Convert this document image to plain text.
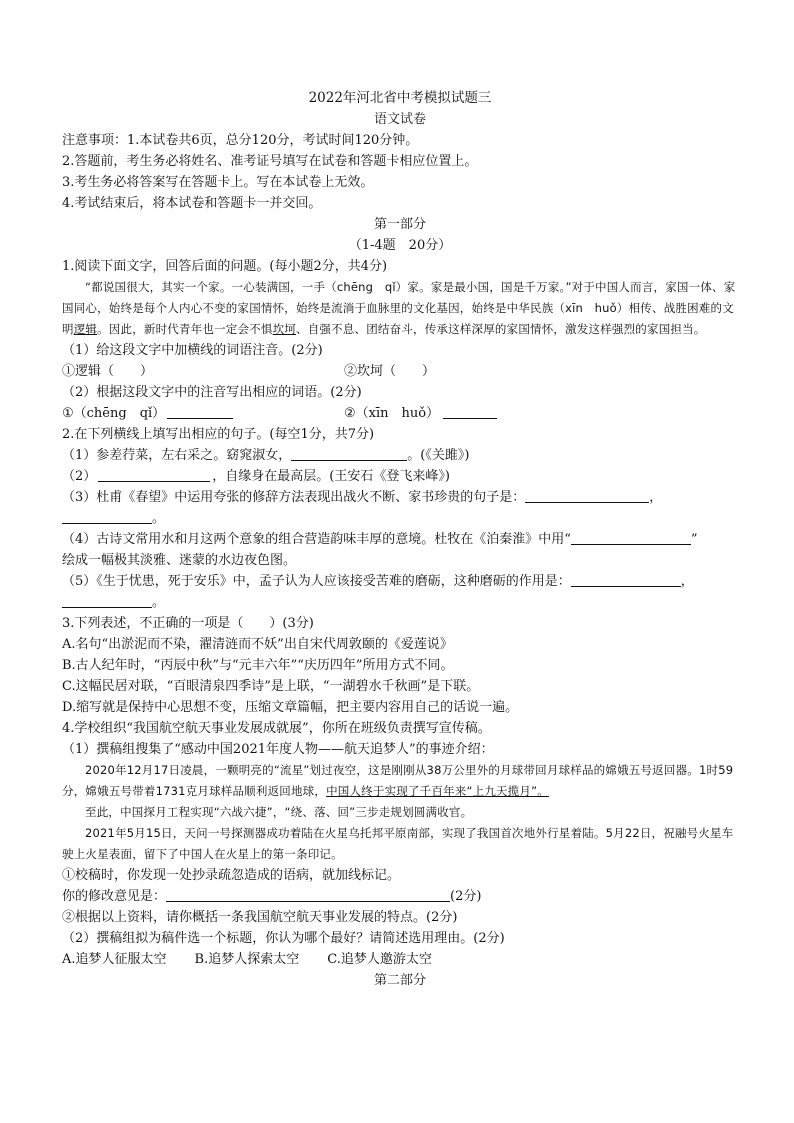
2022年河北省中考模拟试题三
语文试卷
注意事项：1.本试卷共6页，总分120分，考试时间120分钟。
2.答题前，考生务必将姓名、准考证号填写在试卷和答题卡相应位置上。
3.考生务必将答案写在答题卡上。写在本试卷上无效。
4.考试结束后，将本试卷和答题卡一并交回。
第一部分
（1-4题　20分）
1.阅读下面文字，回答后面的问题。(每小题2分，共4分)
“都说国很大，其实一个家。一心装满国，一手（chēng　qǐ）家。家是最小国，国是千万家。”对于中国人而言，家国一体、家国同心，始终是每个人内心不变的家国情怀，始终是流淌于血脉里的文化基因，始终是中华民族（xīn　huǒ）相传、战胜困难的文明逻辑。因此，新时代青年也一定会不惧坎坷、自强不息、团结奋斗，传承这样深厚的家国情怀，激发这样强烈的家国担当。
（1）给这段文字中加横线的词语注音。(2分)
①逻辑（　　）	②坎坷（　　）
（2）根据这段文字中的注音写出相应的词语。(2分)
①（chēng　qǐ）	②（xīn　huǒ）
2.在下列横线上填写出相应的句子。(每空1分，共7分)
（1）参差荇菜，左右采之。窈窕淑女，	。(《关雎》)
（2）	，自缘身在最高层。(王安石《登飞来峰》)
（3）杜甫《春望》中运用夸张的修辞方法表现出战火不断、家书珍贵的句子是：	，
。
（4）古诗文常用水和月这两个意象的组合营造韵味丰厚的意境。杜牧在《泊秦淮》中用“	”
绘成一幅极其淡雅、迷蒙的水边夜色图。
（5）《生于忧患，死于安乐》中，孟子认为人应该接受苦难的磨砺，这种磨砺的作用是：	，
。
3.下列表述，不正确的一项是（　　）(3分)
A.名句“出淤泥而不染，濯清涟而不妖”出自宋代周敦颐的《爱莲说》
B.古人纪年时，“丙辰中秋”与“元丰六年”“庆历四年”所用方式不同。
C.这幅民居对联，“百眼清泉四季诗”是上联，“一湖碧水千秋画”是下联。
D.缩写就是保持中心思想不变，压缩文章篇幅，把主要内容用自己的话说一遍。
4.学校组织“我国航空航天事业发展成就展”，你所在班级负责撰写宣传稿。
（1）撰稿组搜集了“感动中国2021年度人物——航天追梦人”的事迹介绍：
2020年12月17日凌晨，一颗明亮的“流星”划过夜空，这是刚刚从38万公里外的月球带回月球样品的嫦娥五号返回器。1时59分，嫦娥五号带着1731克月球样品顺利返回地球，中国人终于实现了千百年来“上九天揽月”。
至此，中国探月工程实现“六战六捷”，“绕、落、回”三步走规划圆满收官。
2021年5月15日，天问一号探测器成功着陆在火星乌托邦平原南部，实现了我国首次地外行星着陆。5月22日，祝融号火星车驶上火星表面，留下了中国人在火星上的第一条印记。
①校稿时，你发现一处抄录疏忽造成的语病，就加线标记。
你的修改意见是：	(2分)
②根据以上资料，请你概括一条我国航空航天事业发展的特点。(2分)
（2）撰稿组拟为稿件选一个标题，你认为哪个最好？请简述选用理由。(2分)
A.追梦人征服太空 B.追梦人探索太空 C.追梦人邀游太空
第二部分
